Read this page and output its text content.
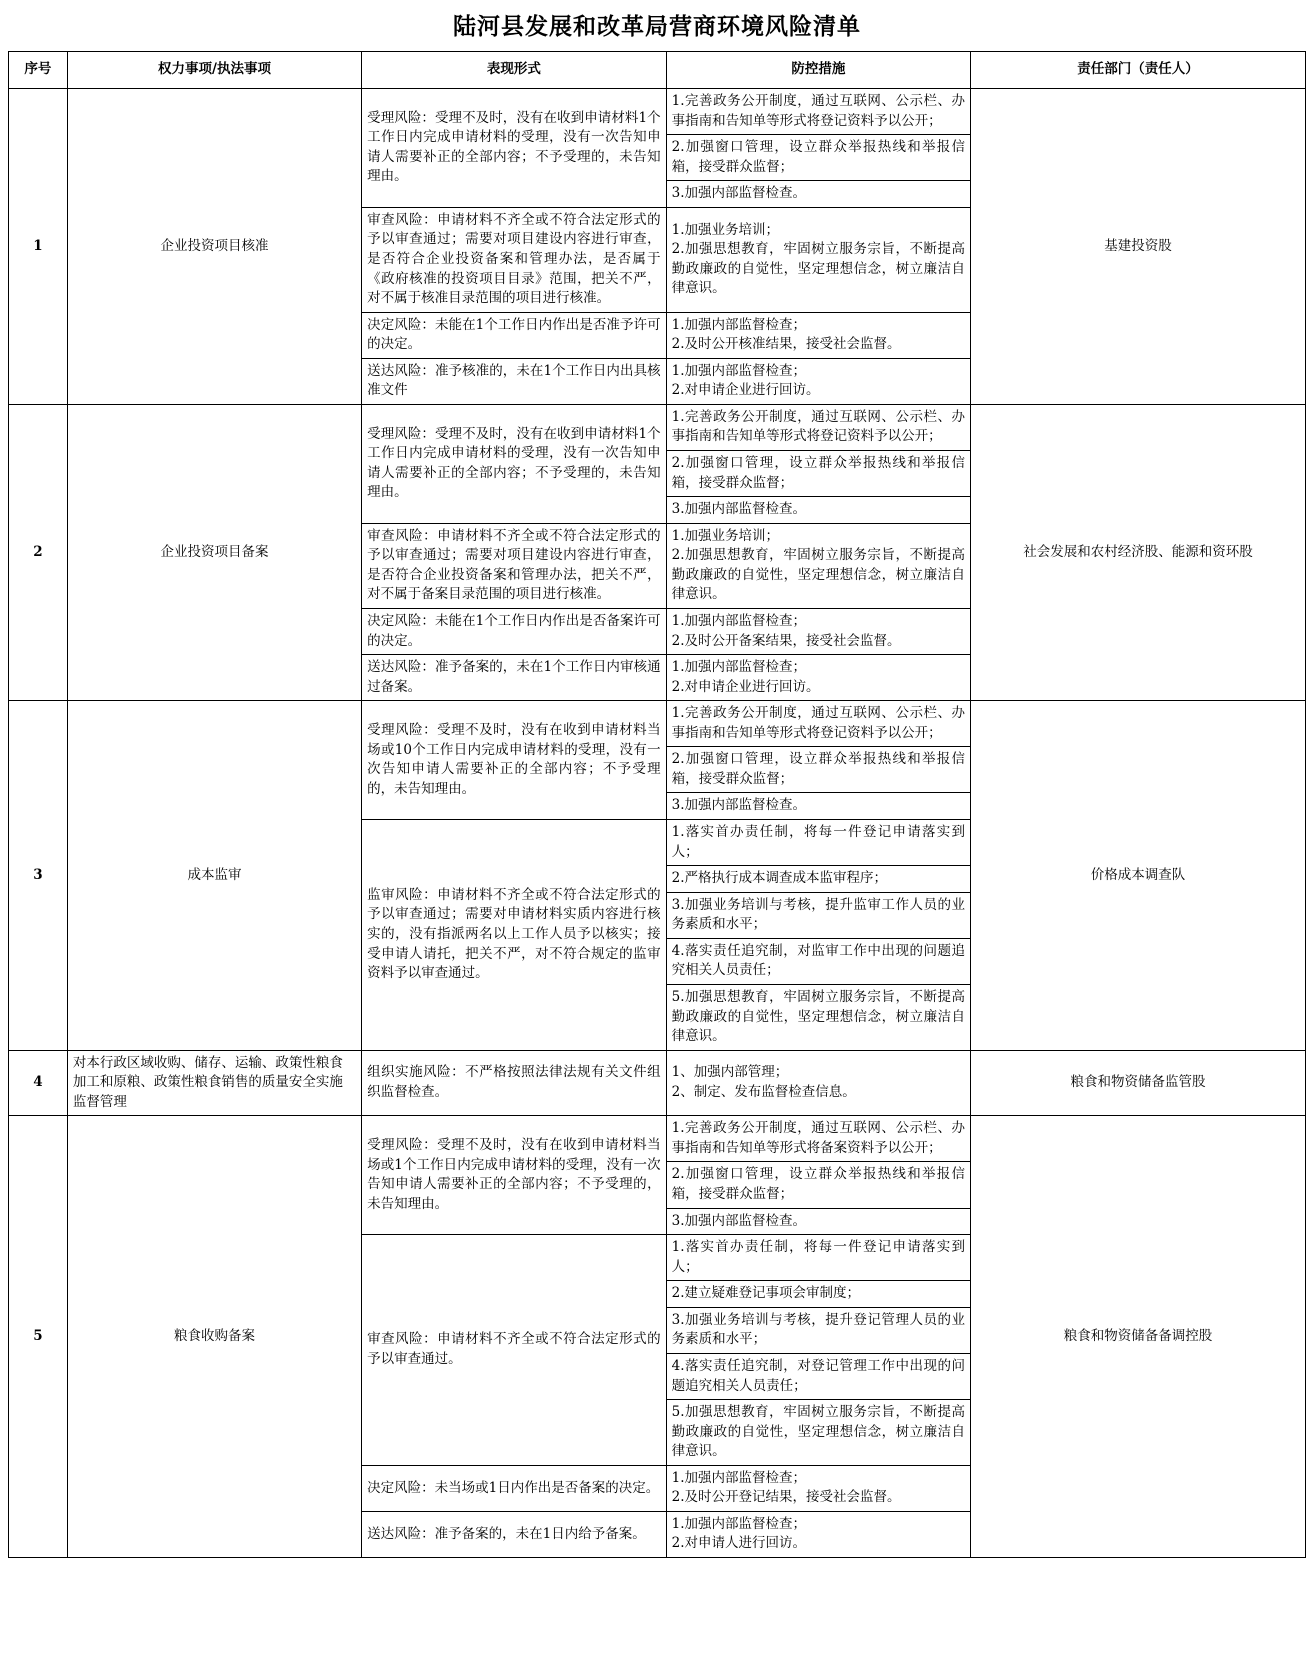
陆河县发展和改革局营商环境风险清单
序号	权力事项/执法事项	表现形式	防控措施	责任部门（责任人）
1	企业投资项目核准	受理风险：受理不及时，没有在收到申请材料1个工作日内完成申请材料的受理，没有一次告知申请人需要补正的全部内容；不予受理的，未告知理由。	1.完善政务公开制度，通过互联网、公示栏、办事指南和告知单等形式将登记资料予以公开；	基建投资股

			2.加强窗口管理，设立群众举报热线和举报信箱，接受群众监督；	

			3.加强内部监督检查。	

		审查风险：申请材料不齐全或不符合法定形式的予以审查通过；需要对项目建设内容进行审查，是否符合企业投资备案和管理办法，是否属于《政府核准的投资项目目录》范围，把关不严，对不属于核准目录范围的项目进行核准。	1.加强业务培训；
2.加强思想教育，牢固树立服务宗旨，不断提高勤政廉政的自觉性，坚定理想信念，树立廉洁自律意识。	

		决定风险：未能在1个工作日内作出是否准予许可的决定。	1.加强内部监督检查；
2.及时公开核准结果，接受社会监督。	

		送达风险：准予核准的，未在1个工作日内出具核准文件	1.加强内部监督检查；
2.对申请企业进行回访。	

2	企业投资项目备案	受理风险：受理不及时，没有在收到申请材料1个工作日内完成申请材料的受理，没有一次告知申请人需要补正的全部内容；不予受理的，未告知理由。	1.完善政务公开制度，通过互联网、公示栏、办事指南和告知单等形式将登记资料予以公开；	社会发展和农村经济股、能源和资环股

			2.加强窗口管理，设立群众举报热线和举报信箱，接受群众监督；	

			3.加强内部监督检查。	

		审查风险：申请材料不齐全或不符合法定形式的予以审查通过；需要对项目建设内容进行审查，是否符合企业投资备案和管理办法，把关不严，对不属于备案目录范围的项目进行核准。	1.加强业务培训；
2.加强思想教育，牢固树立服务宗旨，不断提高勤政廉政的自觉性，坚定理想信念，树立廉洁自律意识。	

		决定风险：未能在1个工作日内作出是否备案许可的决定。	1.加强内部监督检查；
2.及时公开备案结果，接受社会监督。	

		送达风险：准予备案的，未在1个工作日内审核通过备案。	1.加强内部监督检查；
2.对申请企业进行回访。	

3	成本监审	受理风险：受理不及时，没有在收到申请材料当场或10个工作日内完成申请材料的受理，没有一次告知申请人需要补正的全部内容；不予受理的，未告知理由。	1.完善政务公开制度，通过互联网、公示栏、办事指南和告知单等形式将登记资料予以公开；	价格成本调查队

			2.加强窗口管理，设立群众举报热线和举报信箱，接受群众监督；	

			3.加强内部监督检查。	

		监审风险：申请材料不齐全或不符合法定形式的予以审查通过；需要对申请材料实质内容进行核实的，没有指派两名以上工作人员予以核实；接受申请人请托，把关不严，对不符合规定的监审资料予以审查通过。	1.落实首办责任制，将每一件登记申请落实到人；	

			2.严格执行成本调查成本监审程序；	

			3.加强业务培训与考核，提升监审工作人员的业务素质和水平；	

			4.落实责任追究制，对监审工作中出现的问题追究相关人员责任；	

			5.加强思想教育，牢固树立服务宗旨，不断提高勤政廉政的自觉性，坚定理想信念，树立廉洁自律意识。	

4	对本行政区域收购、储存、运输、政策性粮食加工和原粮、政策性粮食销售的质量安全实施监督管理	组织实施风险：不严格按照法律法规有关文件组织监督检查。	1、加强内部管理；
2、制定、发布监督检查信息。	粮食和物资储备监管股
5	粮食收购备案	受理风险：受理不及时，没有在收到申请材料当场或1个工作日内完成申请材料的受理，没有一次告知申请人需要补正的全部内容；不予受理的，未告知理由。	1.完善政务公开制度，通过互联网、公示栏、办事指南和告知单等形式将备案资料予以公开；	粮食和物资储备备调控股

			2.加强窗口管理，设立群众举报热线和举报信箱，接受群众监督；	

			3.加强内部监督检查。	

		审查风险：申请材料不齐全或不符合法定形式的予以审查通过。	1.落实首办责任制，将每一件登记申请落实到人；	

			2.建立疑难登记事项会审制度；	

			3.加强业务培训与考核，提升登记管理人员的业务素质和水平；	

			4.落实责任追究制，对登记管理工作中出现的问题追究相关人员责任；	

			5.加强思想教育，牢固树立服务宗旨，不断提高勤政廉政的自觉性，坚定理想信念，树立廉洁自律意识。	

		决定风险：未当场或1日内作出是否备案的决定。	1.加强内部监督检查；
2.及时公开登记结果，接受社会监督。	

		送达风险：准予备案的，未在1日内给予备案。	1.加强内部监督检查；
2.对申请人进行回访。	
